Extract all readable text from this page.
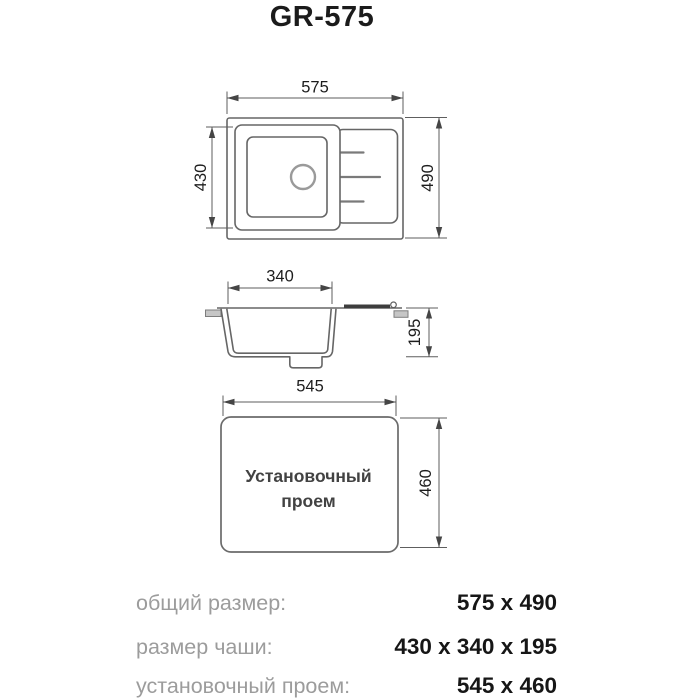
GR-575
575
490
430
340
195
545
Установочный
проем
460
общий размер:	575 x 490
размер чаши:	430 x 340 x 195
установочный проем:	545 x 460
